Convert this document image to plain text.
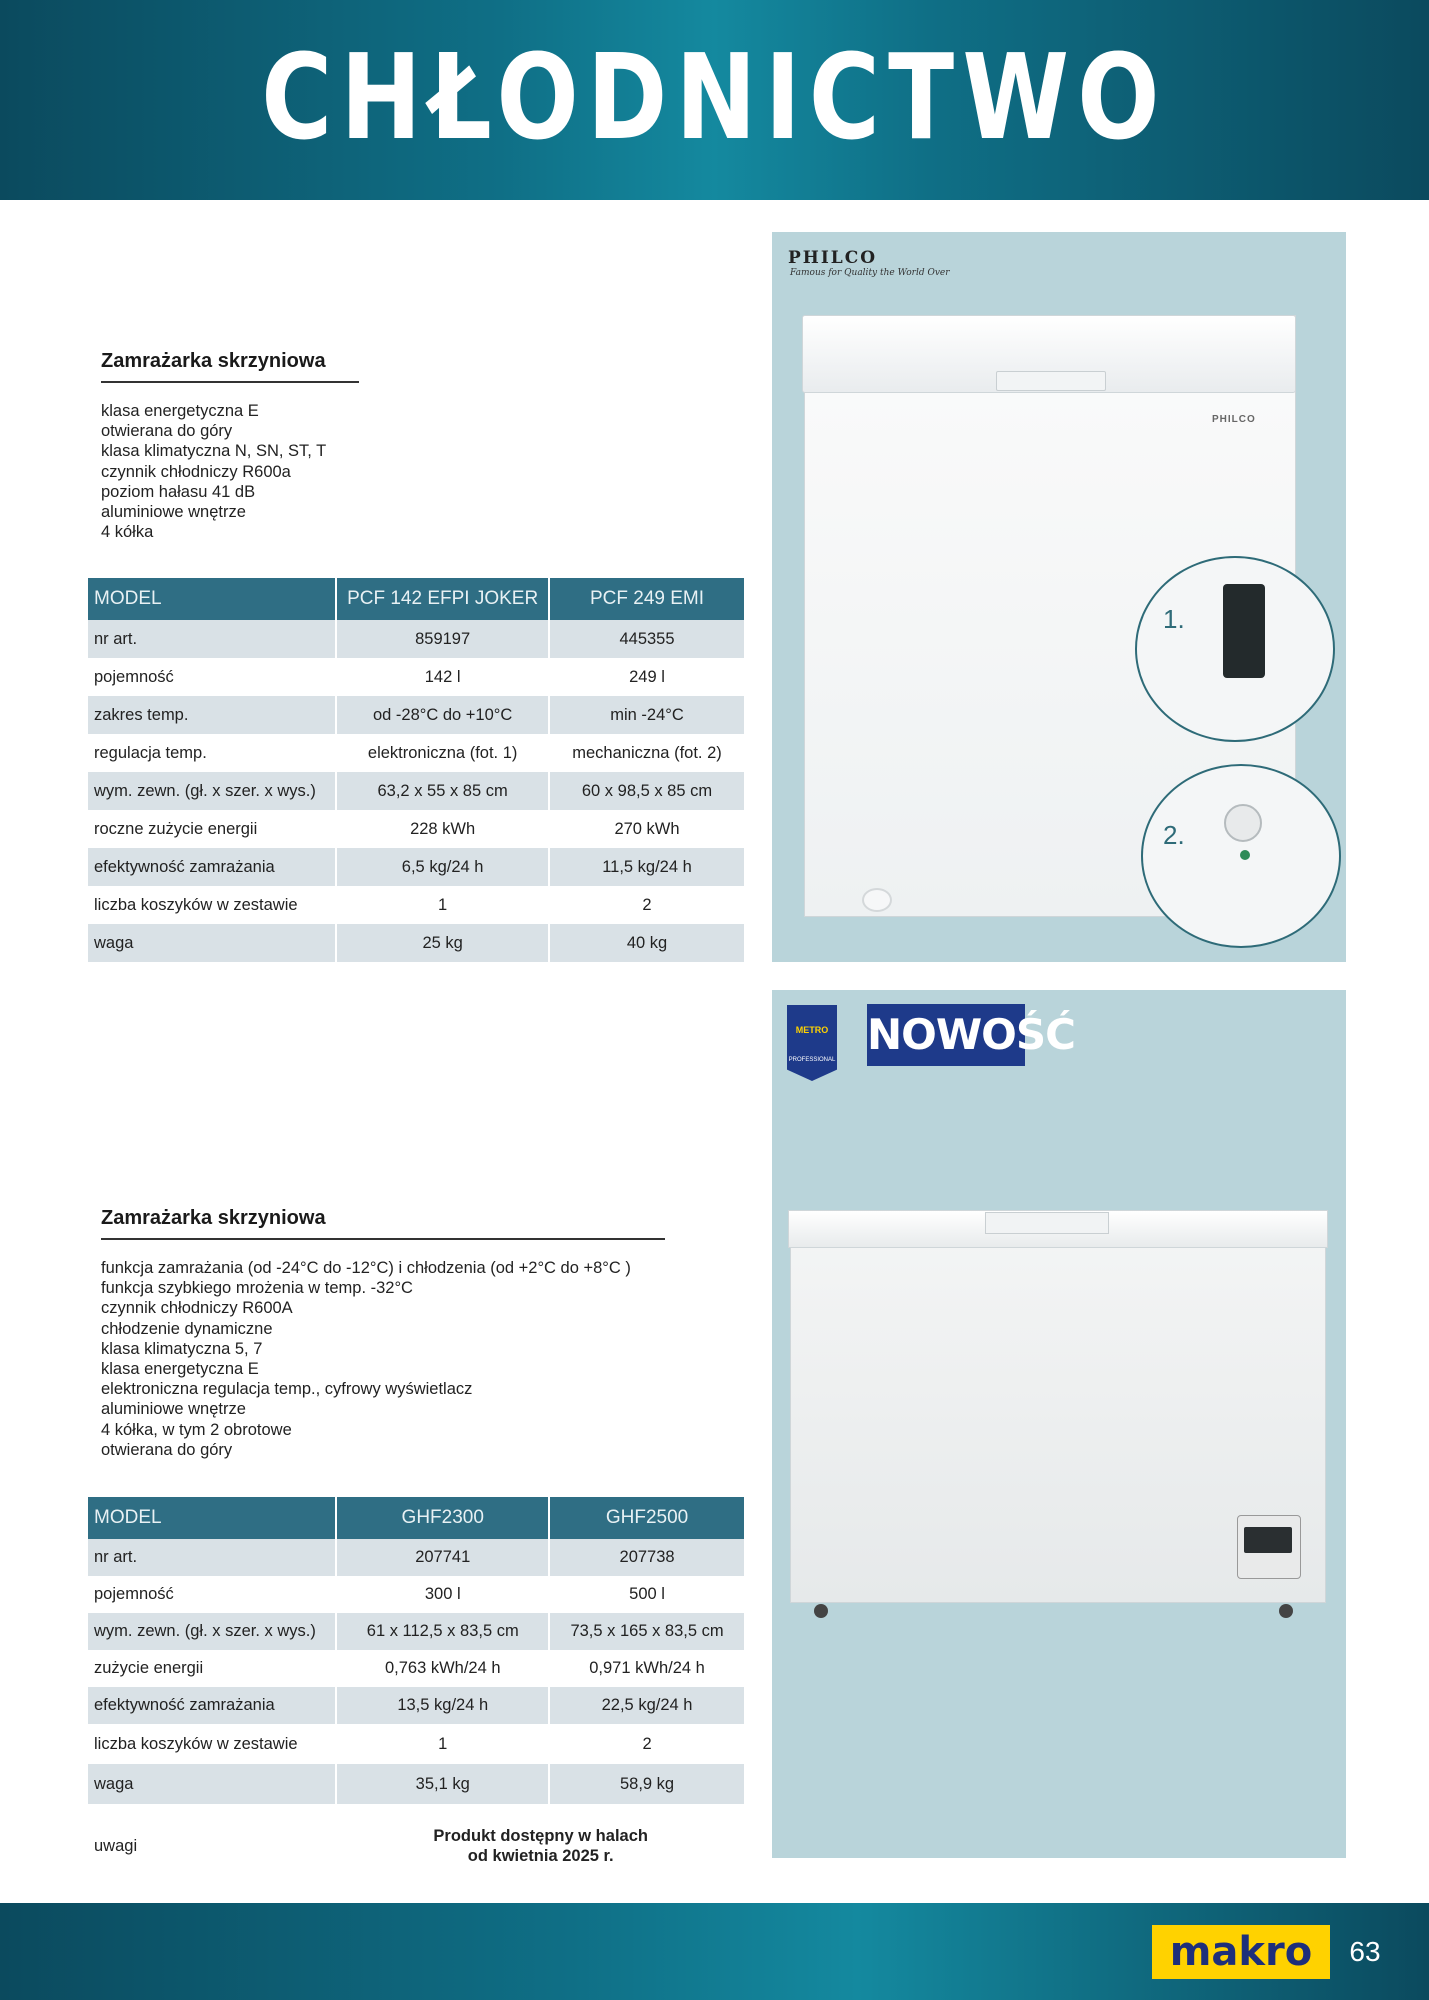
CHŁODNICTWO
Zamrażarka skrzyniowa
klasa energetyczna E
otwierana do góry
klasa klimatyczna N, SN, ST, T
czynnik chłodniczy R600a
poziom hałasu 41 dB
aluminiowe wnętrze
4 kółka
MODEL	PCF 142 EFPI JOKER	PCF 249 EMI
nr art.	859197	445355
pojemność	142 l	249 l
zakres temp.	od -28°C do +10°C	min -24°C
regulacja temp.	elektroniczna (fot. 1)	mechaniczna (fot. 2)
wym. zewn. (gł. x szer. x wys.)	63,2 x 55 x 85 cm	60 x 98,5 x 85 cm
roczne zużycie energii	228 kWh	270 kWh
efektywność zamrażania	6,5 kg/24 h	11,5 kg/24 h
liczba koszyków w zestawie	1	2
waga	25 kg	40 kg
PHILCO
Famous for Quality the World Over
PHILCO
1.
2.
Zamrażarka skrzyniowa
funkcja zamrażania (od -24°C do -12°C) i chłodzenia (od +2°C do +8°C )
funkcja szybkiego mrożenia w temp. -32°C
czynnik chłodniczy R600A
chłodzenie dynamiczne
klasa klimatyczna 5, 7
klasa energetyczna E
elektroniczna regulacja temp., cyfrowy wyświetlacz
aluminiowe wnętrze
4 kółka, w tym 2 obrotowe
otwierana do góry
MODEL	GHF2300	GHF2500
nr art.	207741	207738
pojemność	300 l	500 l
wym. zewn. (gł. x szer. x wys.)	61 x 112,5 x 83,5 cm	73,5 x 165 x 83,5 cm
zużycie energii	0,763 kWh/24 h	0,971 kWh/24 h
efektywność zamrażania	13,5 kg/24 h	22,5 kg/24 h
liczba koszyków w zestawie	1	2
waga	35,1 kg	58,9 kg
uwagi	Produkt dostępny w halach
od kwietnia 2025 r.	
METRO
PROFESSIONAL
NOWOŚĆ
makro	63
